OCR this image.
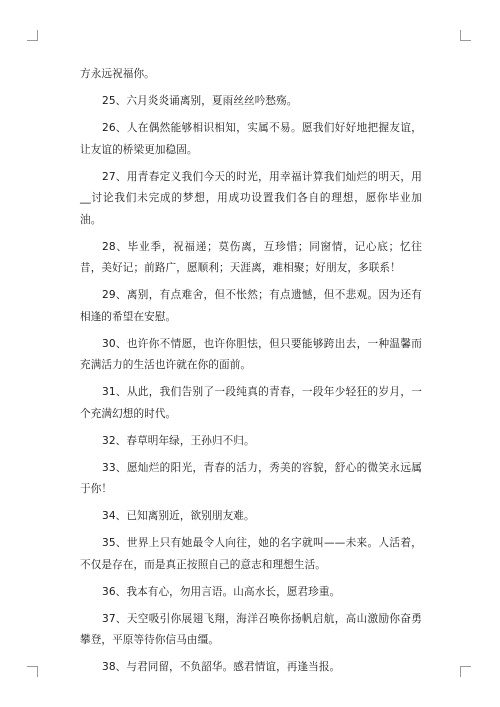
方永远祝福你。

25、六月炎炎诵离别，夏雨丝丝吟愁殇。

26、人在偶然能够相识相知，实属不易。愿我们好好地把握友谊，让友谊的桥梁更加稳固。

27、用青春定义我们今天的时光，用幸福计算我们灿烂的明天，用__讨论我们未完成的梦想，用成功设置我们各自的理想，愿你毕业加油。

28、毕业季，祝福递；莫伤离，互珍惜；同窗情，记心底；忆往昔，美好记；前路广，愿顺利；天涯离，难相聚；好朋友，多联系！

29、离别，有点难舍，但不怅然；有点遗憾，但不悲观。因为还有相逢的希望在安慰。

30、也许你不情愿，也许你胆怯，但只要能够跨出去，一种温馨而充满活力的生活也许就在你的面前。

31、从此，我们告别了一段纯真的青春，一段年少轻狂的岁月，一个充满幻想的时代。

32、春草明年绿，王孙归不归。

33、愿灿烂的阳光，青春的活力，秀美的容貌，舒心的微笑永远属于你！

34、已知离别近，欲别朋友难。

35、世界上只有她最令人向往，她的名字就叫——未来。人活着，不仅是存在，而是真正按照自己的意志和理想生活。

36、我本有心，勿用言语。山高水长，愿君珍重。

37、天空吸引你展翅飞翔，海洋召唤你扬帆启航，高山激励你奋勇攀登，平原等待你信马由缰。

38、与君同留，不负韶华。感君情谊，再逢当报。
